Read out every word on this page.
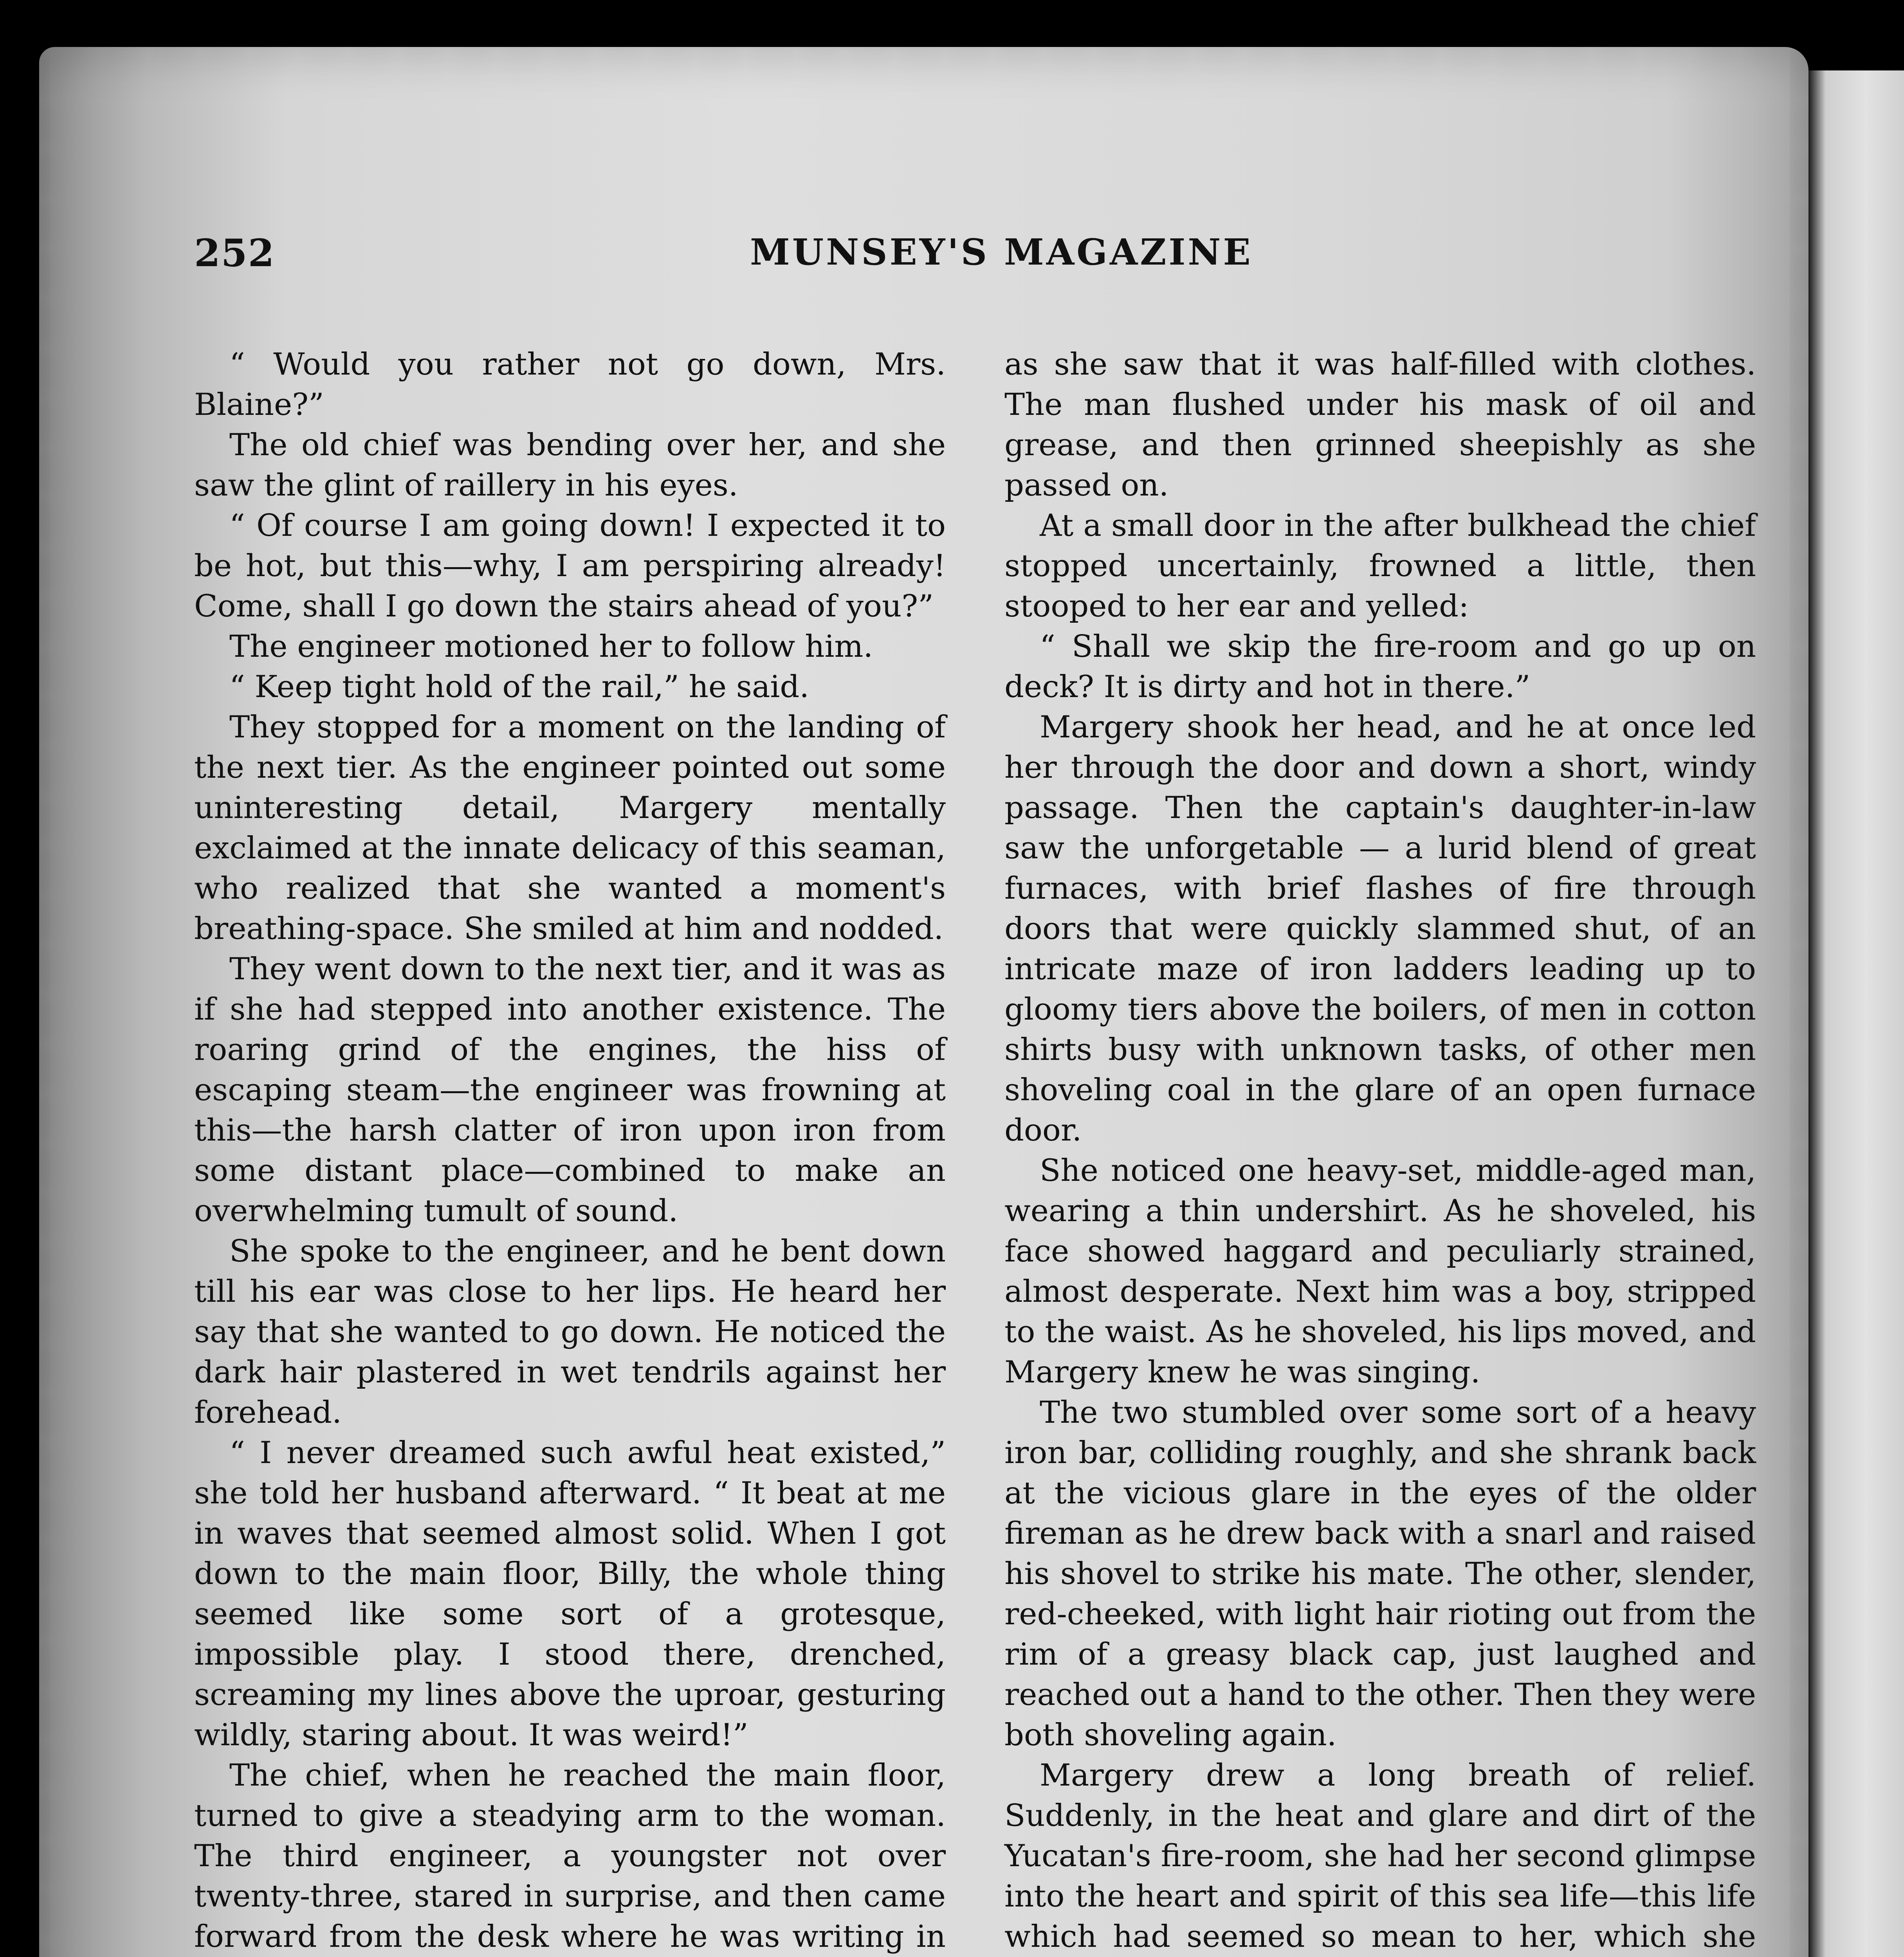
252	MUNSEY'S MAGAZINE

“ Would you rather not go down, Mrs. Blaine?”

The old chief was bending over her, and she saw the glint of raillery in his eyes.

“ Of course I am going down! I expected it to be hot, but this—why, I am perspiring already! Come, shall I go down the stairs ahead of you?”

The engineer motioned her to follow him.

“ Keep tight hold of the rail,” he said.

They stopped for a moment on the landing of the next tier. As the engineer pointed out some uninteresting detail, Margery mentally exclaimed at the innate delicacy of this seaman, who realized that she wanted a moment's breathing-space. She smiled at him and nodded.

They went down to the next tier, and it was as if she had stepped into another existence. The roaring grind of the engines, the hiss of escaping steam—the engineer was frowning at this—the harsh clatter of iron upon iron from some distant place—combined to make an overwhelming tumult of sound.

She spoke to the engineer, and he bent down till his ear was close to her lips. He heard her say that she wanted to go down. He noticed the dark hair plastered in wet tendrils against her forehead.

“ I never dreamed such awful heat existed,” she told her husband afterward. “ It beat at me in waves that seemed almost solid. When I got down to the main floor, Billy, the whole thing seemed like some sort of a grotesque, impossible play. I stood there, drenched, screaming my lines above the uproar, gesturing wildly, staring about. It was weird!”

The chief, when he reached the main floor, turned to give a steadying arm to the woman. The third engineer, a youngster not over twenty-three, stared in surprise, and then came forward from the desk where he was writing in

as she saw that it was half-filled with clothes. The man flushed under his mask of oil and grease, and then grinned sheepishly as she passed on.

At a small door in the after bulkhead the chief stopped uncertainly, frowned a little, then stooped to her ear and yelled:

“ Shall we skip the fire-room and go up on deck? It is dirty and hot in there.”

Margery shook her head, and he at once led her through the door and down a short, windy passage. Then the captain's daughter-in-law saw the unforgetable — a lurid blend of great furnaces, with brief flashes of fire through doors that were quickly slammed shut, of an intricate maze of iron ladders leading up to gloomy tiers above the boilers, of men in cotton shirts busy with unknown tasks, of other men shoveling coal in the glare of an open furnace door.

She noticed one heavy-set, middle-aged man, wearing a thin undershirt. As he shoveled, his face showed haggard and peculiarly strained, almost desperate. Next him was a boy, stripped to the waist. As he shoveled, his lips moved, and Margery knew he was singing.

The two stumbled over some sort of a heavy iron bar, colliding roughly, and she shrank back at the vicious glare in the eyes of the older fireman as he drew back with a snarl and raised his shovel to strike his mate. The other, slender, red-cheeked, with light hair rioting out from the rim of a greasy black cap, just laughed and reached out a hand to the other. Then they were both shoveling again.

Margery drew a long breath of relief. Suddenly, in the heat and glare and dirt of the Yucatan's fire-room, she had her second glimpse into the heart and spirit of this sea life—this life which had seemed so mean to her, which she
